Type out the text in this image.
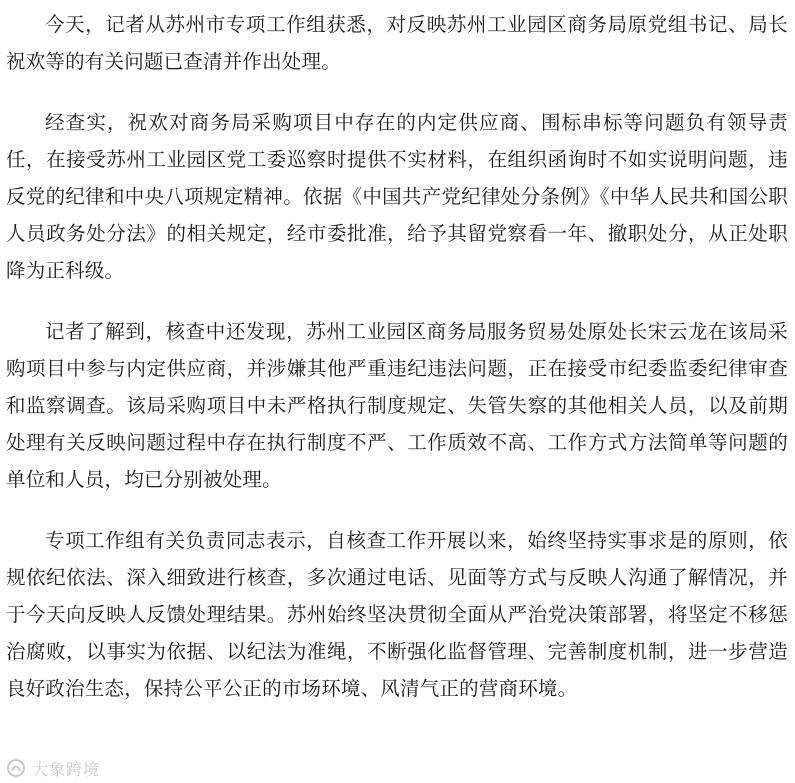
今天，记者从苏州市专项工作组获悉，对反映苏州工业园区商务局原党组书记、局长祝欢等的有关问题已查清并作出处理。

经查实，祝欢对商务局采购项目中存在的内定供应商、围标串标等问题负有领导责任，在接受苏州工业园区党工委巡察时提供不实材料，在组织函询时不如实说明问题，违反党的纪律和中央八项规定精神。依据《中国共产党纪律处分条例》《中华人民共和国公职人员政务处分法》的相关规定，经市委批准，给予其留党察看一年、撤职处分，从正处职降为正科级。

记者了解到，核查中还发现，苏州工业园区商务局服务贸易处原处长宋云龙在该局采购项目中参与内定供应商，并涉嫌其他严重违纪违法问题，正在接受市纪委监委纪律审查和监察调查。该局采购项目中未严格执行制度规定、失管失察的其他相关人员，以及前期处理有关反映问题过程中存在执行制度不严、工作质效不高、工作方式方法简单等问题的单位和人员，均已分别被处理。

专项工作组有关负责同志表示，自核查工作开展以来，始终坚持实事求是的原则，依规依纪依法、深入细致进行核查，多次通过电话、见面等方式与反映人沟通了解情况，并于今天向反映人反馈处理结果。苏州始终坚决贯彻全面从严治党决策部署，将坚定不移惩治腐败，以事实为依据、以纪法为准绳，不断强化监督管理、完善制度机制，进一步营造良好政治生态，保持公平公正的市场环境、风清气正的营商环境。

大象跨境
